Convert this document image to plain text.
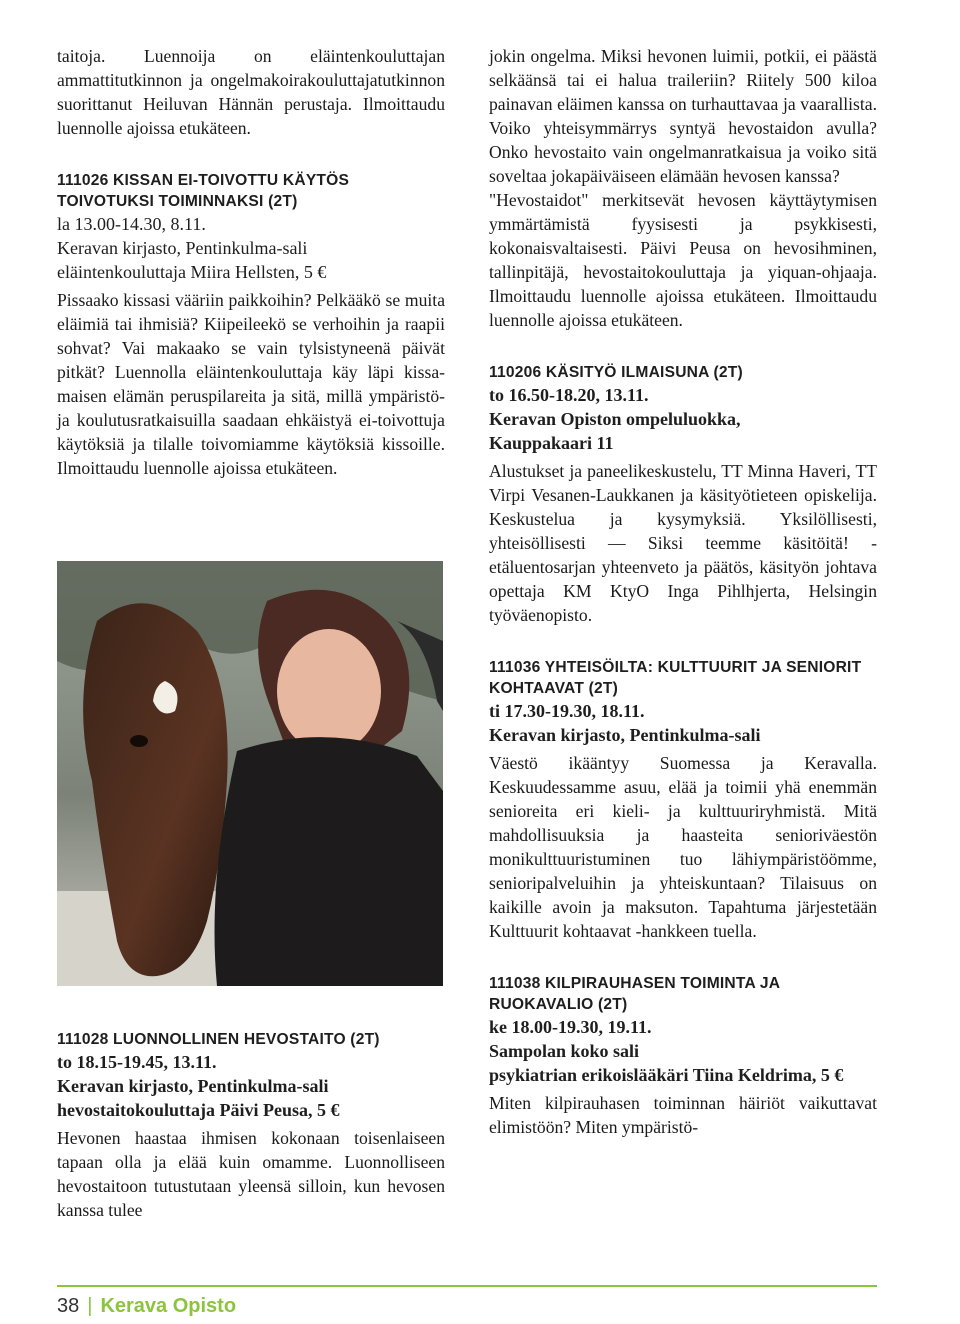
taitoja. Luennoija on eläintenkouluttajan ammattitutkinnon ja ongelmakoirakouluttajatutkinnon suorittanut Heiluvan Hännän perustaja. Ilmoittaudu luennolle ajoissa etukäteen.

111026 KISSAN EI-TOIVOTTU KÄYTÖS TOIVOTUKSI TOIMINNAKSI (2T)
la 13.00-14.30, 8.11.
Keravan kirjasto, Pentinkulma-sali
eläintenkouluttaja Miira Hellsten, 5 €

Pissaako kissasi vääriin paikkoihin? Pelkääkö se muita eläimiä tai ihmisiä? Kiipeileekö se verhoihin ja raapii sohvat? Vai makaako se vain tylsistyneenä päivät pitkät? Luennolla eläintenkouluttaja käy läpi kissamaisen elämän peruspilareita ja sitä, millä ympäristö- ja koulutusratkaisuilla saadaan ehkäistyä ei-toivottuja käytöksiä ja tilalle toivomiamme käytöksiä kissoille. Ilmoittaudu luennolle ajoissa etukäteen.

111028 LUONNOLLINEN HEVOSTAITO (2T)
to 18.15-19.45, 13.11.
Keravan kirjasto, Pentinkulma-sali
hevostaitokouluttaja Päivi Peusa, 5 €

Hevonen haastaa ihmisen kokonaan toisenlaiseen tapaan olla ja elää kuin omamme. Luonnolliseen hevostaitoon tutustutaan yleensä silloin, kun hevosen kanssa tulee

jokin ongelma. Miksi hevonen luimii, potkii, ei päästä selkäänsä tai ei halua traileriin? Riitely 500 kiloa painavan eläimen kanssa on turhauttavaa ja vaarallista. Voiko yhteisymmärrys syntyä hevostaidon avulla? Onko hevostaito vain ongelmanratkaisua ja voiko sitä soveltaa jokapäiväiseen elämään hevosen kanssa?

"Hevostaidot" merkitsevät hevosen käyttäytymisen ymmärtämistä fyysisesti ja psykkisesti, kokonaisvaltaisesti. Päivi Peusa on hevosihminen, tallinpitäjä, hevostaitokouluttaja ja yiquan-ohjaaja. Ilmoittaudu luennolle ajoissa etukäteen. Ilmoittaudu luennolle ajoissa etukäteen.

110206 KÄSITYÖ ILMAISUNA (2T)
to 16.50-18.20, 13.11.
Keravan Opiston ompeluluokka,
Kauppakaari 11

Alustukset ja paneelikeskustelu, TT Minna Haveri, TT Virpi Vesanen-Laukkanen ja käsityötieteen opiskelija. Keskustelua ja kysymyksiä. Yksilöllisesti, yhteisöllisesti — Siksi teemme käsitöitä! -etäluentosarjan yhteenveto ja päätös, käsityön johtava opettaja KM KtyO Inga Pihlhjerta, Helsingin työväenopisto.

111036 YHTEISÖILTA: KULTTUURIT JA SENIORIT KOHTAAVAT (2T)
ti 17.30-19.30, 18.11.
Keravan kirjasto, Pentinkulma-sali

Väestö ikääntyy Suomessa ja Keravalla. Keskuudessamme asuu, elää ja toimii yhä enemmän senioreita eri kieli- ja kulttuuriryhmistä. Mitä mahdollisuuksia ja haasteita senioriväestön monikulttuuristuminen tuo lähiympäristöömme, senioripalveluihin ja yhteiskuntaan? Tilaisuus on kaikille avoin ja maksuton. Tapahtuma järjestetään Kulttuurit kohtaavat -hankkeen tuella.

111038 KILPIRAUHASEN TOIMINTA JA RUOKAVALIO (2T)
ke 18.00-19.30, 19.11.
Sampolan koko sali
psykiatrian erikoislääkäri Tiina Keldrima, 5 €

Miten kilpirauhasen toiminnan häiriöt vaikuttavat elimistöön? Miten ympäristö-

38 | Kerava Opisto
